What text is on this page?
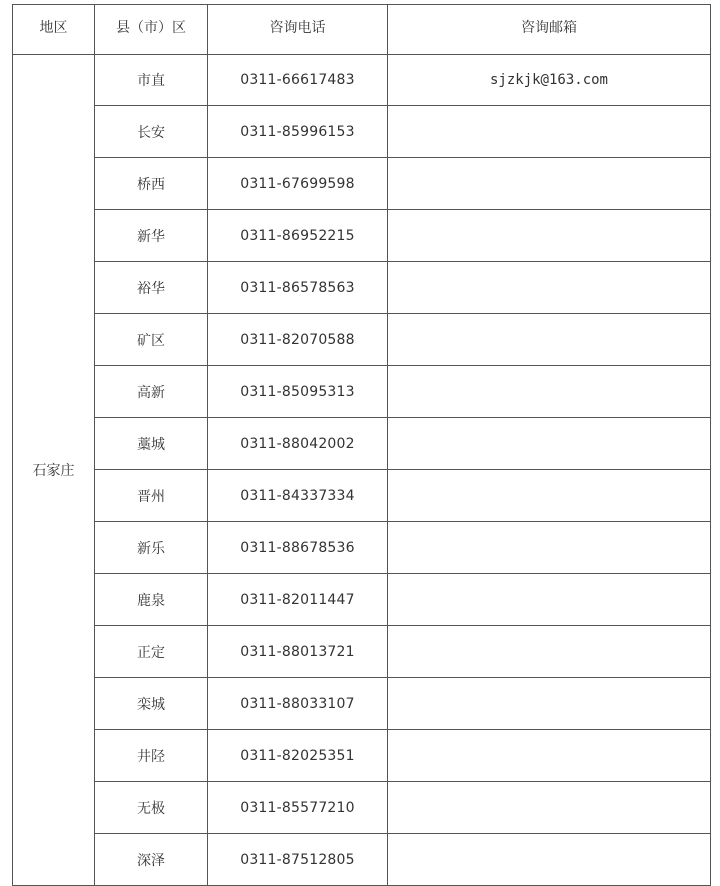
地区	县（市）区	咨询电话	咨询邮箱
石家庄	市直	0311-66617483	sjzkjk@163.com
	长安	0311-85996153	
	桥西	0311-67699598	
	新华	0311-86952215	
	裕华	0311-86578563	
	矿区	0311-82070588	
	高新	0311-85095313	
	藁城	0311-88042002	
	晋州	0311-84337334	
	新乐	0311-88678536	
	鹿泉	0311-82011447	
	正定	0311-88013721	
	栾城	0311-88033107	
	井陉	0311-82025351	
	无极	0311-85577210	
	深泽	0311-87512805	
